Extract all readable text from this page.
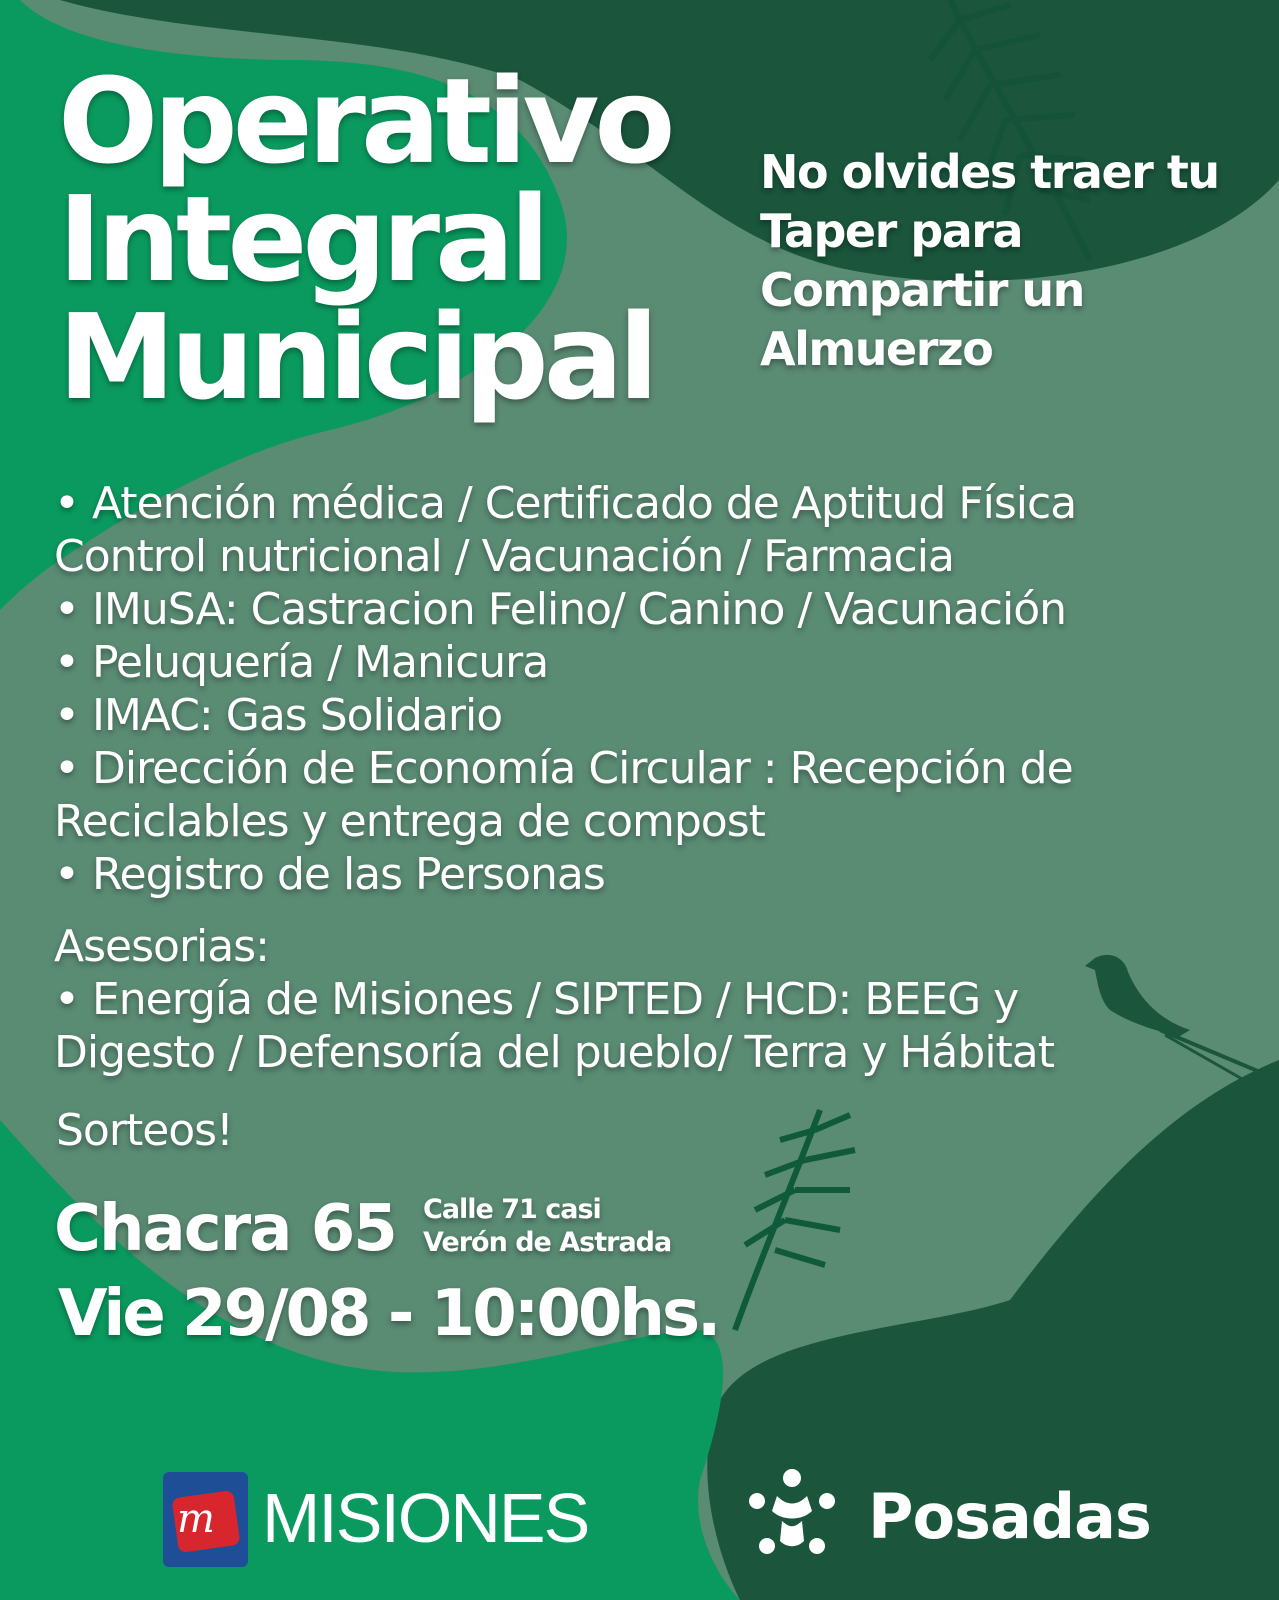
Operativo
Integral
Municipal
No olvides traer tu
Taper para
Compartir un
Almuerzo
• Atención médica / Certificado de Aptitud Física
Control nutricional / Vacunación / Farmacia
• IMuSA: Castracion Felino/ Canino / Vacunación
• Peluquería / Manicura
• IMAC: Gas Solidario
• Dirección de Economía Circular : Recepción de
Reciclables y entrega de compost
• Registro de las Personas
Asesorias:
• Energía de Misiones / SIPTED / HCD: BEEG y
Digesto / Defensoría del pueblo/ Terra y Hábitat
Sorteos!
Chacra 65 Calle 71 casi
Verón de Astrada
Vie 29/08 - 10:00hs.
m MISIONES	Posadas
